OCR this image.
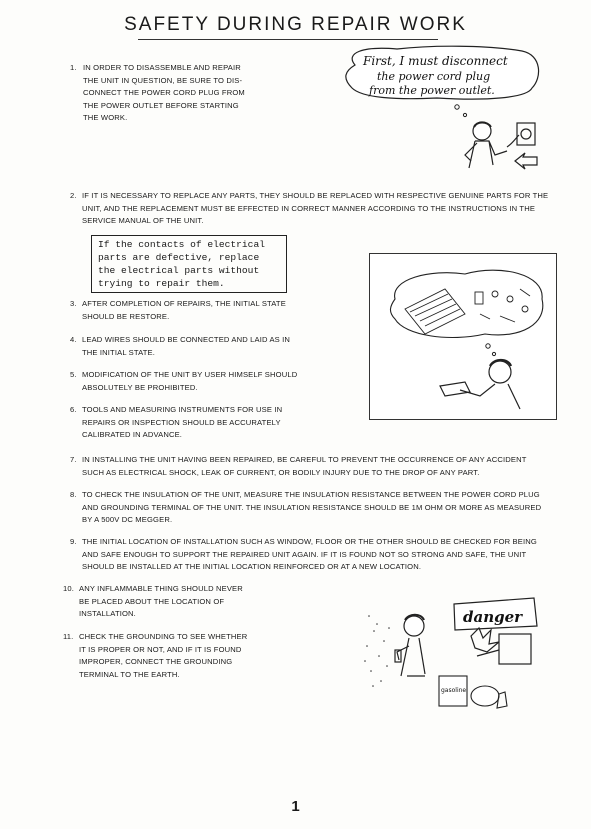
SAFETY DURING REPAIR WORK
1. IN ORDER TO DISASSEMBLE AND REPAIR
THE UNIT IN QUESTION, BE SURE TO DIS-
CONNECT THE POWER CORD PLUG FROM
THE POWER OUTLET BEFORE STARTING
THE WORK.
First, I must disconnect
the power cord plug
from the power outlet.
2. IF IT IS NECESSARY TO REPLACE ANY PARTS, THEY SHOULD BE REPLACED WITH RESPECTIVE GENUINE PARTS FOR THE
UNIT, AND THE REPLACEMENT MUST BE EFFECTED IN CORRECT MANNER ACCORDING TO THE INSTRUCTIONS IN THE
SERVICE MANUAL OF THE UNIT.
If the contacts of electrical
parts are defective, replace
the electrical parts without
trying to repair them.
3. AFTER COMPLETION OF REPAIRS, THE INITIAL STATE
SHOULD BE RESTORE.
4. LEAD WIRES SHOULD BE CONNECTED AND LAID AS IN
THE INITIAL STATE.
5. MODIFICATION OF THE UNIT BY USER HIMSELF SHOULD
ABSOLUTELY BE PROHIBITED.
6. TOOLS AND MEASURING INSTRUMENTS FOR USE IN
REPAIRS OR INSPECTION SHOULD BE ACCURATELY
CALIBRATED IN ADVANCE.
7. IN INSTALLING THE UNIT HAVING BEEN REPAIRED, BE CAREFUL TO PREVENT THE OCCURRENCE OF ANY ACCIDENT
SUCH AS ELECTRICAL SHOCK, LEAK OF CURRENT, OR BODILY INJURY DUE TO THE DROP OF ANY PART.
8. TO CHECK THE INSULATION OF THE UNIT, MEASURE THE INSULATION RESISTANCE BETWEEN THE POWER CORD PLUG
AND GROUNDING TERMINAL OF THE UNIT. THE INSULATION RESISTANCE SHOULD BE 1M OHM OR MORE AS MEASURED
BY A 500V DC MEGGER.
9. THE INITIAL LOCATION OF INSTALLATION SUCH AS WINDOW, FLOOR OR THE OTHER SHOULD BE CHECKED FOR BEING
AND SAFE ENOUGH TO SUPPORT THE REPAIRED UNIT AGAIN. IF IT IS FOUND NOT SO STRONG AND SAFE, THE UNIT
SHOULD BE INSTALLED AT THE INITIAL LOCATION REINFORCED OR AT A NEW LOCATION.
10. ANY INFLAMMABLE THING SHOULD NEVER
BE PLACED ABOUT THE LOCATION OF
INSTALLATION.
11. CHECK THE GROUNDING TO SEE WHETHER
IT IS PROPER OR NOT, AND IF IT IS FOUND
IMPROPER, CONNECT THE GROUNDING
TERMINAL TO THE EARTH.
danger
gasoline
1
